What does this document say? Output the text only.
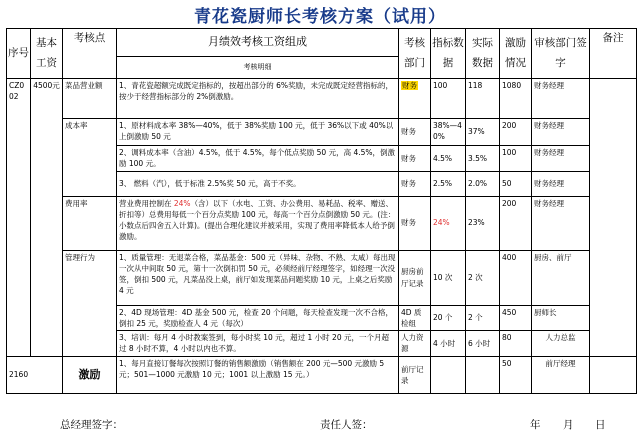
青花瓷厨师长考核方案（试用）
序号	基本工资	考核点	月绩效考核工资组成	考核部门	指标数据	实际数据	激励情况	审核部门签字	备注
			考核明细						
CZ002	4500元	菜品营业额	1、青花瓷超额完成既定指标的，按超出部分的 6%奖励，未完成既定经营指标的，按少于经营指标部分的 2%倒激励。	财务	100	118	1080	财务经理	
		成本率	1、原材料成本率 38%—40%，低于 38%奖励 100 元，低于 36%以下或 40%以上倒激励 50 元	财务	38%—40%	37%	200	财务经理	
			2、调料成本率（含油）4.5%，低于 4.5%，每个低点奖励 50 元，高 4.5%，倒激励 100 元。	财务	4.5%	3.5%	100	财务经理	
			3、 燃料（汽），低于标准 2.5%奖 50 元，高于不奖。	财务	2.5%	2.0%	50	财务经理	
		费用率	营业费用控制在 24%（含）以下（水电、工资、办公费用、易耗品、税率、赠送、折扣等）总费用每低一个百分点奖励 100 元，每高一个百分点倒激励 50 元。(注：小数点后四舍五入计算)。(提出合理化建议并被采用，实现了费用率降低本人给予倒激励。	财务	24%	23%	200	财务经理	
		管理行为	1、质量管理：无退菜合格，菜品基金：500 元（异味、杂物、不熟、太咸）每出现一次从中间取 50 元，第十一次倒扣罚 50 元，必须经前厅经理签字，如经理一次没签，倒扣 500 元，凡菜品没上桌，前厅如发现菜品问题奖励 10 元，上桌之后奖励 4 元	厨房前厅记录	10 次	2 次	400	厨房、前厅	
			2、4D 现场管理：4D 基金 500 元，检查 20 个问题，每天检查发现一次不合格，倒扣 25 元，奖励检查人 4 元（每次）	4D 质检组	20 个	2 个	450	厨师长	
			3、培训：每月 4 小时教案签到，每小时奖 10 元，超过 1 小时 20 元，一个月超过 8 小时不算，4 小时以内也不算。	人力资源	4 小时	6 小时	80	人力总监	
2160		激励	1、每月直接订餐每次按照订餐的销售额激励（销售额在 200 元—500 元激励 5 元；501—1000 元激励 10 元；1001 以上激励 15 元。）	前厅记录			50	前厅经理	
总经理签字：	责任人签：	年 月 日
